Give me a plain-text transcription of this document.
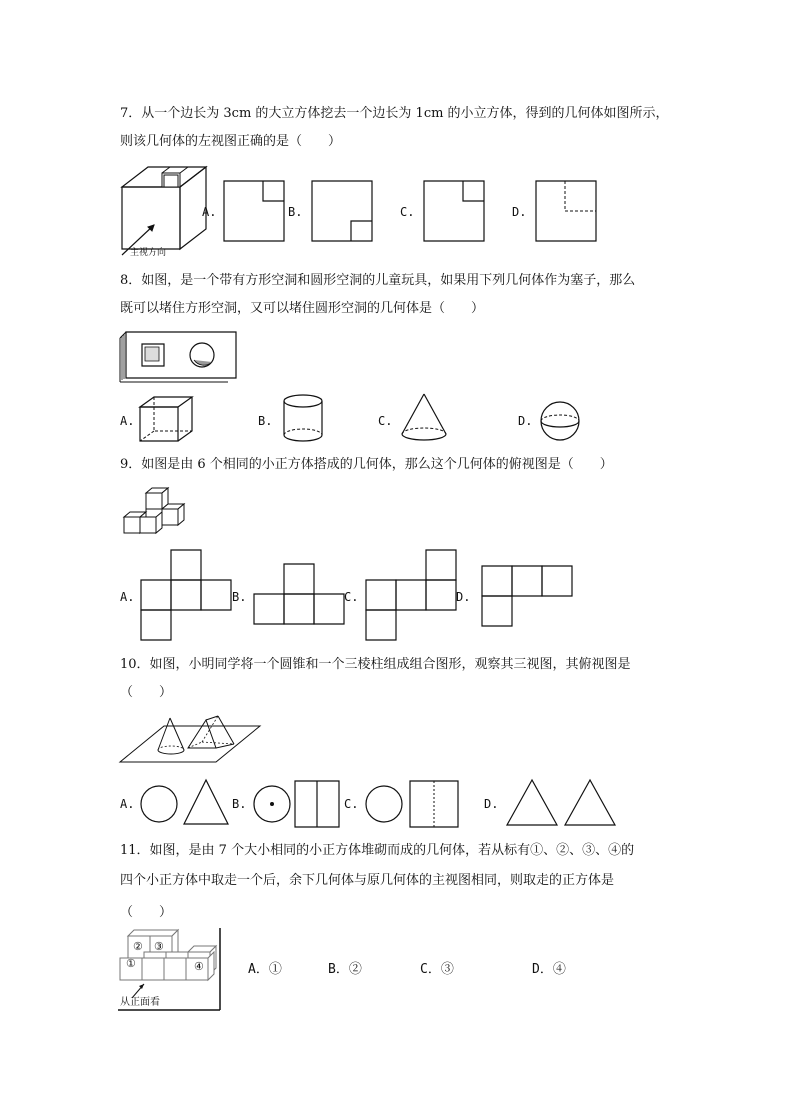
7．从一个边长为 3cm 的大立方体挖去一个边长为 1cm 的小立方体，得到的几何体如图所示，
则该几何体的左视图正确的是（　　）
主视方向
A.	B.	C.	D.
8．如图，是一个带有方形空洞和圆形空洞的儿童玩具，如果用下列几何体作为塞子，那么
既可以堵住方形空洞，又可以堵住圆形空洞的几何体是（　　）
A.	B.	C.	D.
9．如图是由 6 个相同的小正方体搭成的几何体，那么这个几何体的俯视图是（　　）
A.	B.	C.	D.
10．如图，小明同学将一个圆锥和一个三棱柱组成组合图形，观察其三视图，其俯视图是
（　　）
A.	B.	C.	D.
11．如图，是由 7 个大小相同的小正方体堆砌而成的几何体，若从标有①、②、③、④的
四个小正方体中取走一个后，余下几何体与原几何体的主视图相同，则取走的正方体是
（　　）
①
② ③
④
从正面看
A．①	B．②	C．③	D．④
